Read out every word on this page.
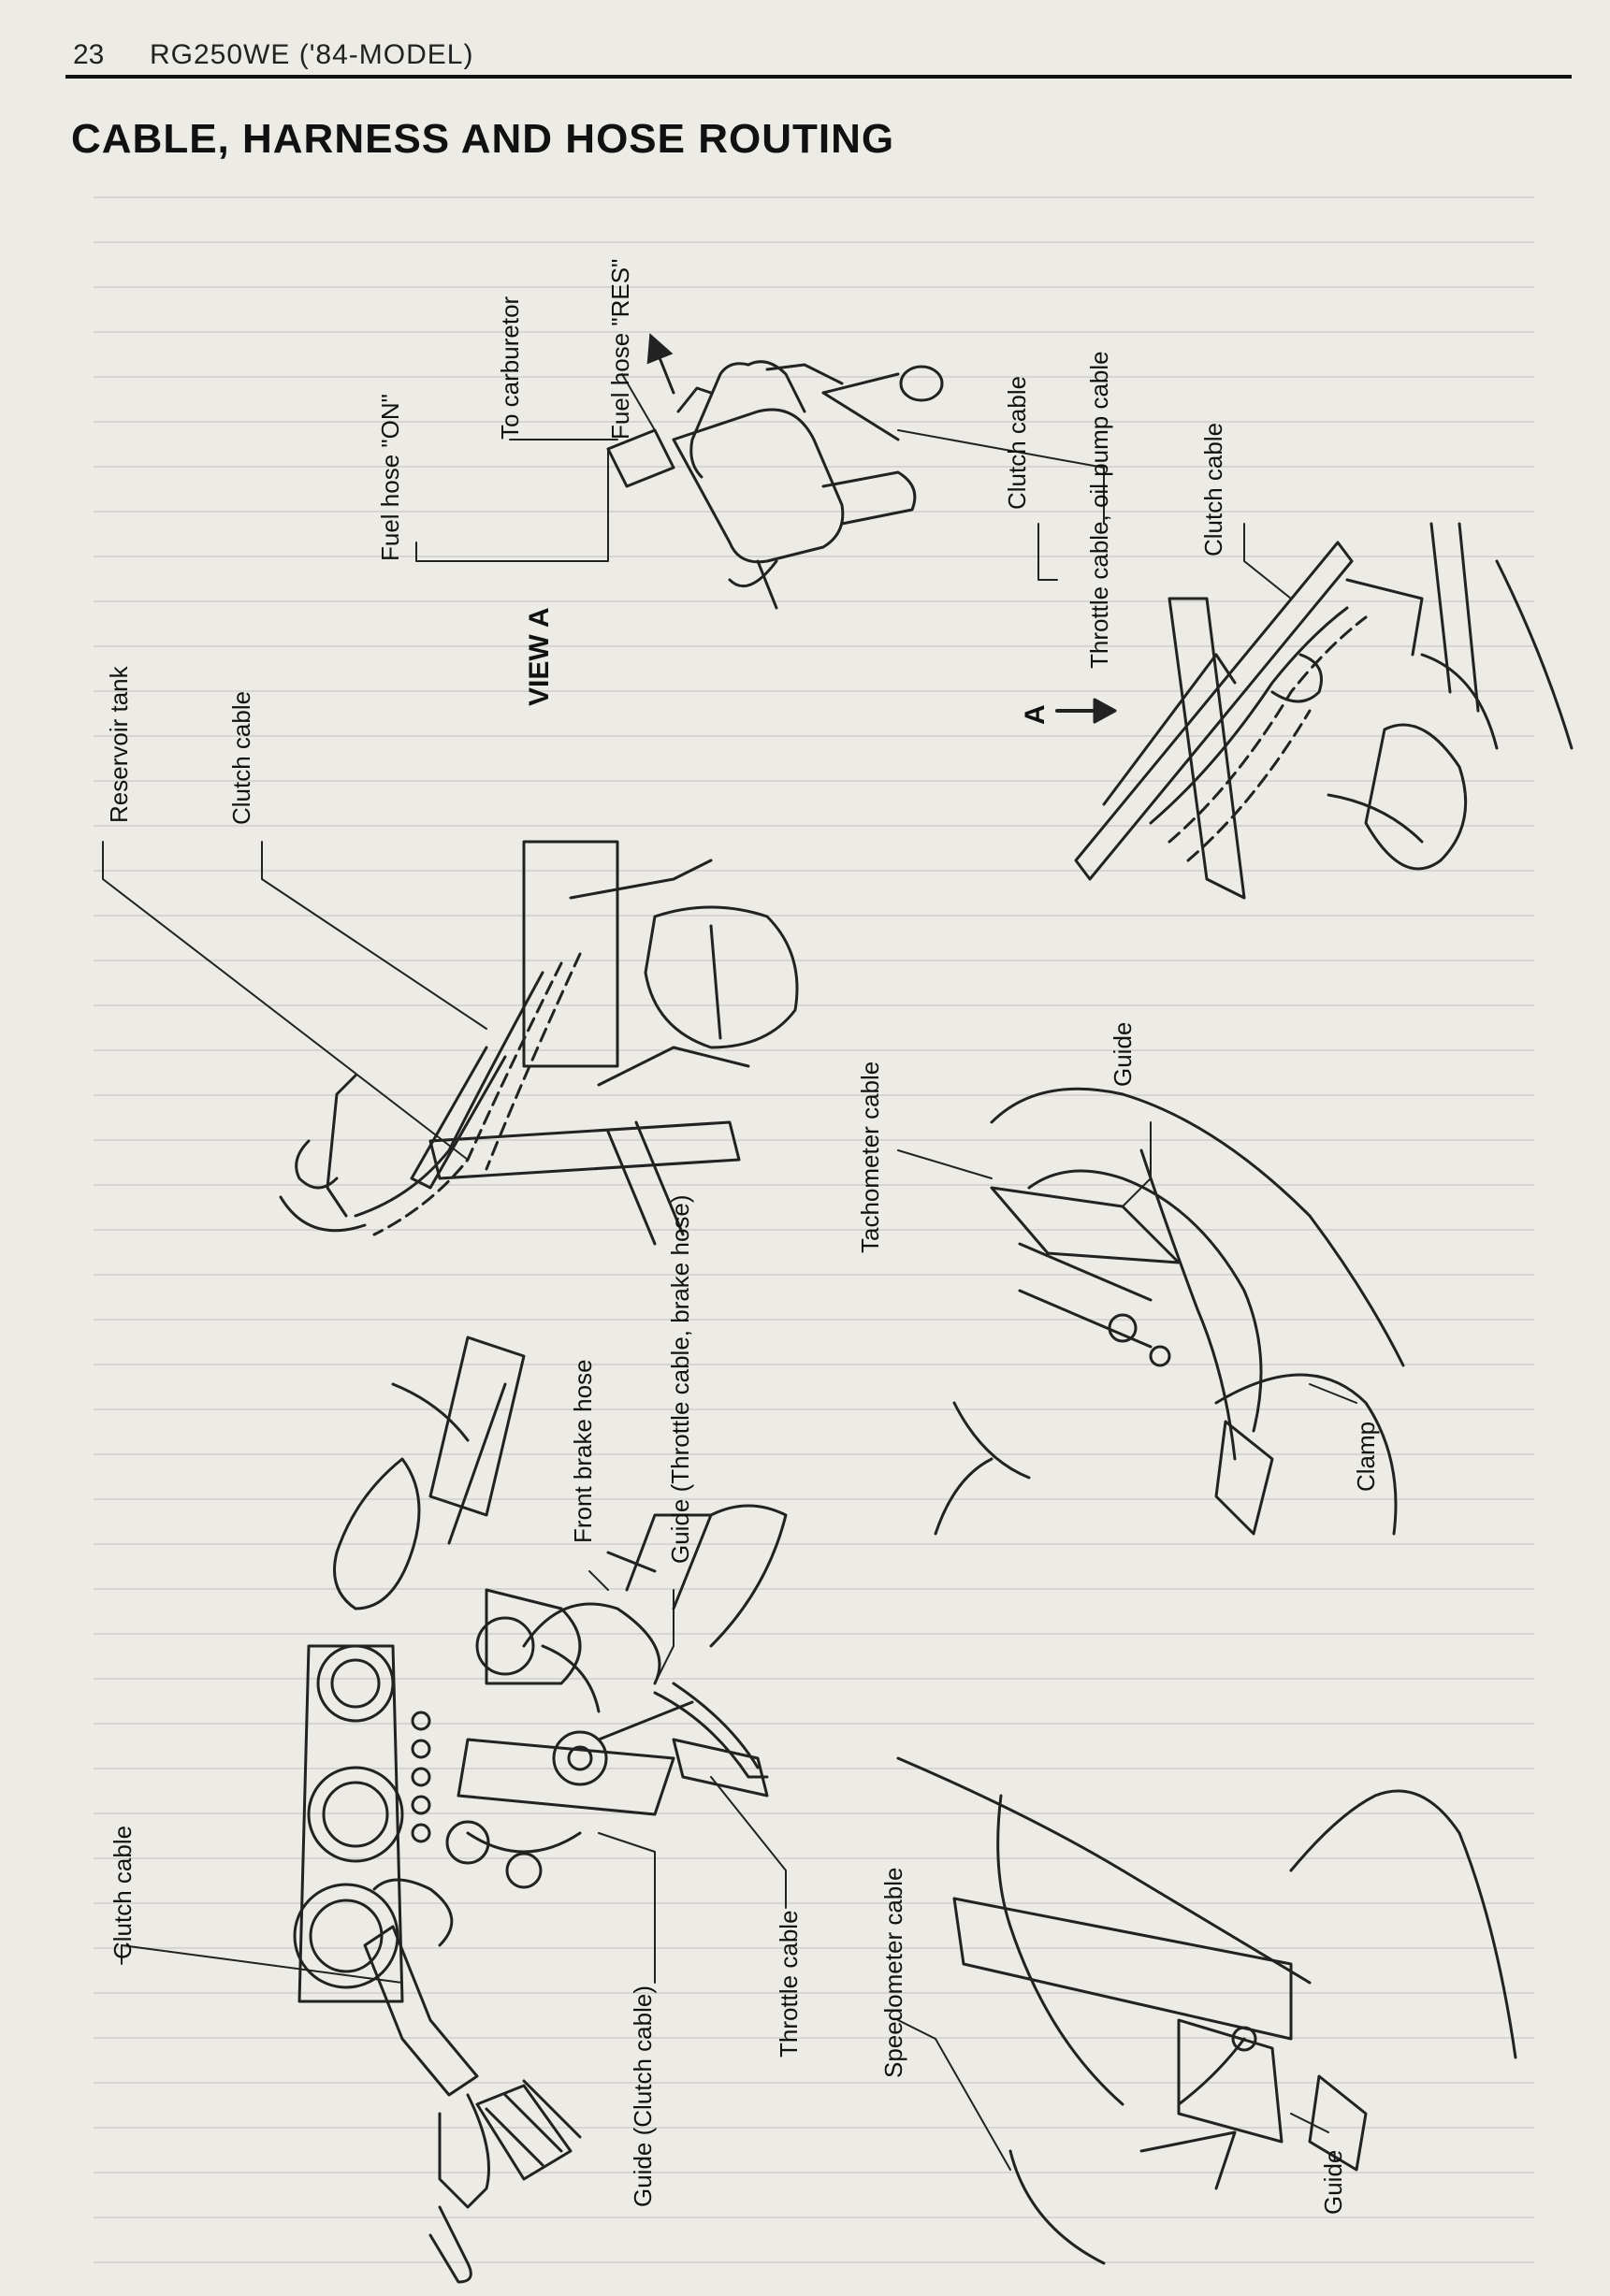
23 RG250WE ('84-MODEL)
CABLE, HARNESS AND HOSE ROUTING
Fuel hose "ON"
To carburetor	Fuel hose "RES"
VIEW A
Clutch cable Throttle cable, oil pump cable	Clutch cable
A
Reservoir tank	Clutch cable
Tachometer cable
Guide
Front brake hose	Guide (Throttle cable, brake hose)	Clamp
Clutch cable
Throttle cable
Guide (Clutch cable)
Speedometer cable
Guide
